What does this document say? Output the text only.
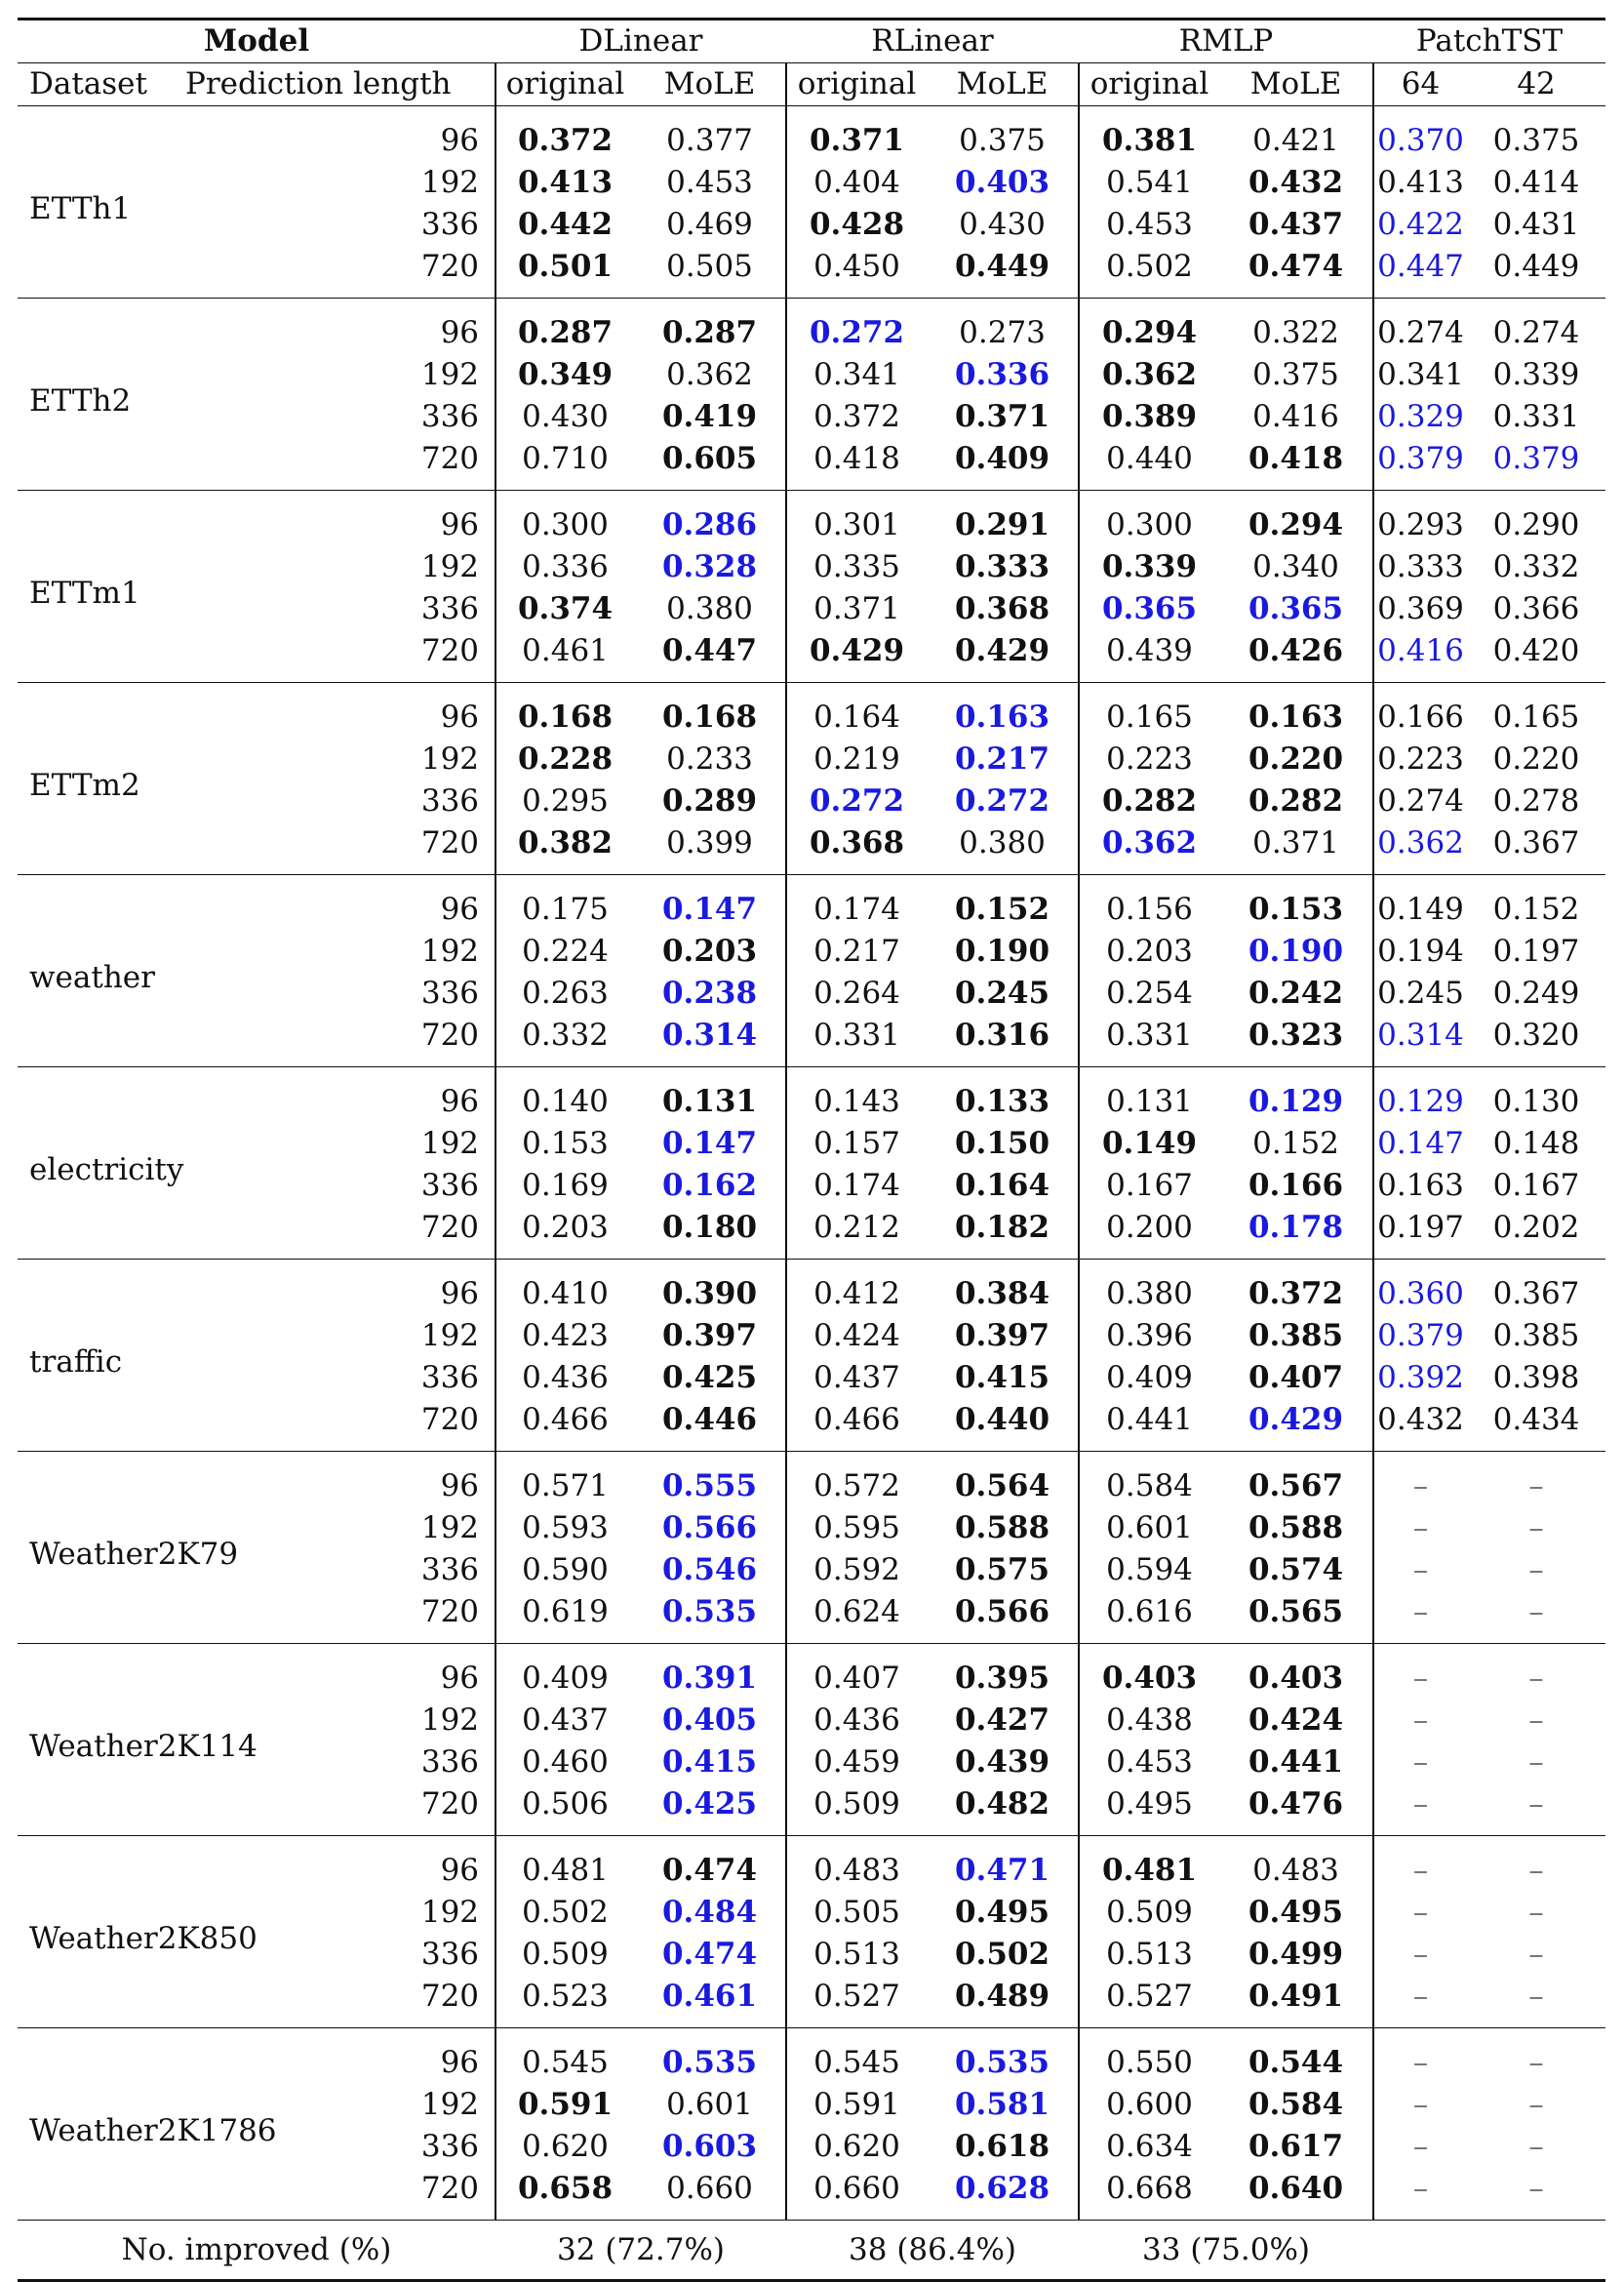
Model		DLinear		RLinear		RMLP		PatchTST	
Dataset	Prediction length	original	MoLE	original	MoLE	original	MoLE	64	42
ETTh1	96	0.372	0.377	0.371	0.375	0.381	0.421	0.370	0.375
	192	0.413	0.453	0.404	0.403	0.541	0.432	0.413	0.414
	336	0.442	0.469	0.428	0.430	0.453	0.437	0.422	0.431
	720	0.501	0.505	0.450	0.449	0.502	0.474	0.447	0.449
ETTh2	96	0.287	0.287	0.272	0.273	0.294	0.322	0.274	0.274
	192	0.349	0.362	0.341	0.336	0.362	0.375	0.341	0.339
	336	0.430	0.419	0.372	0.371	0.389	0.416	0.329	0.331
	720	0.710	0.605	0.418	0.409	0.440	0.418	0.379	0.379
ETTm1	96	0.300	0.286	0.301	0.291	0.300	0.294	0.293	0.290
	192	0.336	0.328	0.335	0.333	0.339	0.340	0.333	0.332
	336	0.374	0.380	0.371	0.368	0.365	0.365	0.369	0.366
	720	0.461	0.447	0.429	0.429	0.439	0.426	0.416	0.420
ETTm2	96	0.168	0.168	0.164	0.163	0.165	0.163	0.166	0.165
	192	0.228	0.233	0.219	0.217	0.223	0.220	0.223	0.220
	336	0.295	0.289	0.272	0.272	0.282	0.282	0.274	0.278
	720	0.382	0.399	0.368	0.380	0.362	0.371	0.362	0.367
weather	96	0.175	0.147	0.174	0.152	0.156	0.153	0.149	0.152
	192	0.224	0.203	0.217	0.190	0.203	0.190	0.194	0.197
	336	0.263	0.238	0.264	0.245	0.254	0.242	0.245	0.249
	720	0.332	0.314	0.331	0.316	0.331	0.323	0.314	0.320
electricity	96	0.140	0.131	0.143	0.133	0.131	0.129	0.129	0.130
	192	0.153	0.147	0.157	0.150	0.149	0.152	0.147	0.148
	336	0.169	0.162	0.174	0.164	0.167	0.166	0.163	0.167
	720	0.203	0.180	0.212	0.182	0.200	0.178	0.197	0.202
traffic	96	0.410	0.390	0.412	0.384	0.380	0.372	0.360	0.367
	192	0.423	0.397	0.424	0.397	0.396	0.385	0.379	0.385
	336	0.436	0.425	0.437	0.415	0.409	0.407	0.392	0.398
	720	0.466	0.446	0.466	0.440	0.441	0.429	0.432	0.434
Weather2K79	96	0.571	0.555	0.572	0.564	0.584	0.567	–	–
	192	0.593	0.566	0.595	0.588	0.601	0.588	–	–
	336	0.590	0.546	0.592	0.575	0.594	0.574	–	–
	720	0.619	0.535	0.624	0.566	0.616	0.565	–	–
Weather2K114	96	0.409	0.391	0.407	0.395	0.403	0.403	–	–
	192	0.437	0.405	0.436	0.427	0.438	0.424	–	–
	336	0.460	0.415	0.459	0.439	0.453	0.441	–	–
	720	0.506	0.425	0.509	0.482	0.495	0.476	–	–
Weather2K850	96	0.481	0.474	0.483	0.471	0.481	0.483	–	–
	192	0.502	0.484	0.505	0.495	0.509	0.495	–	–
	336	0.509	0.474	0.513	0.502	0.513	0.499	–	–
	720	0.523	0.461	0.527	0.489	0.527	0.491	–	–
Weather2K1786	96	0.545	0.535	0.545	0.535	0.550	0.544	–	–
	192	0.591	0.601	0.591	0.581	0.600	0.584	–	–
	336	0.620	0.603	0.620	0.618	0.634	0.617	–	–
	720	0.658	0.660	0.660	0.628	0.668	0.640	–	–
No. improved (%)		32 (72.7%)		38 (86.4%)		33 (75.0%)			
